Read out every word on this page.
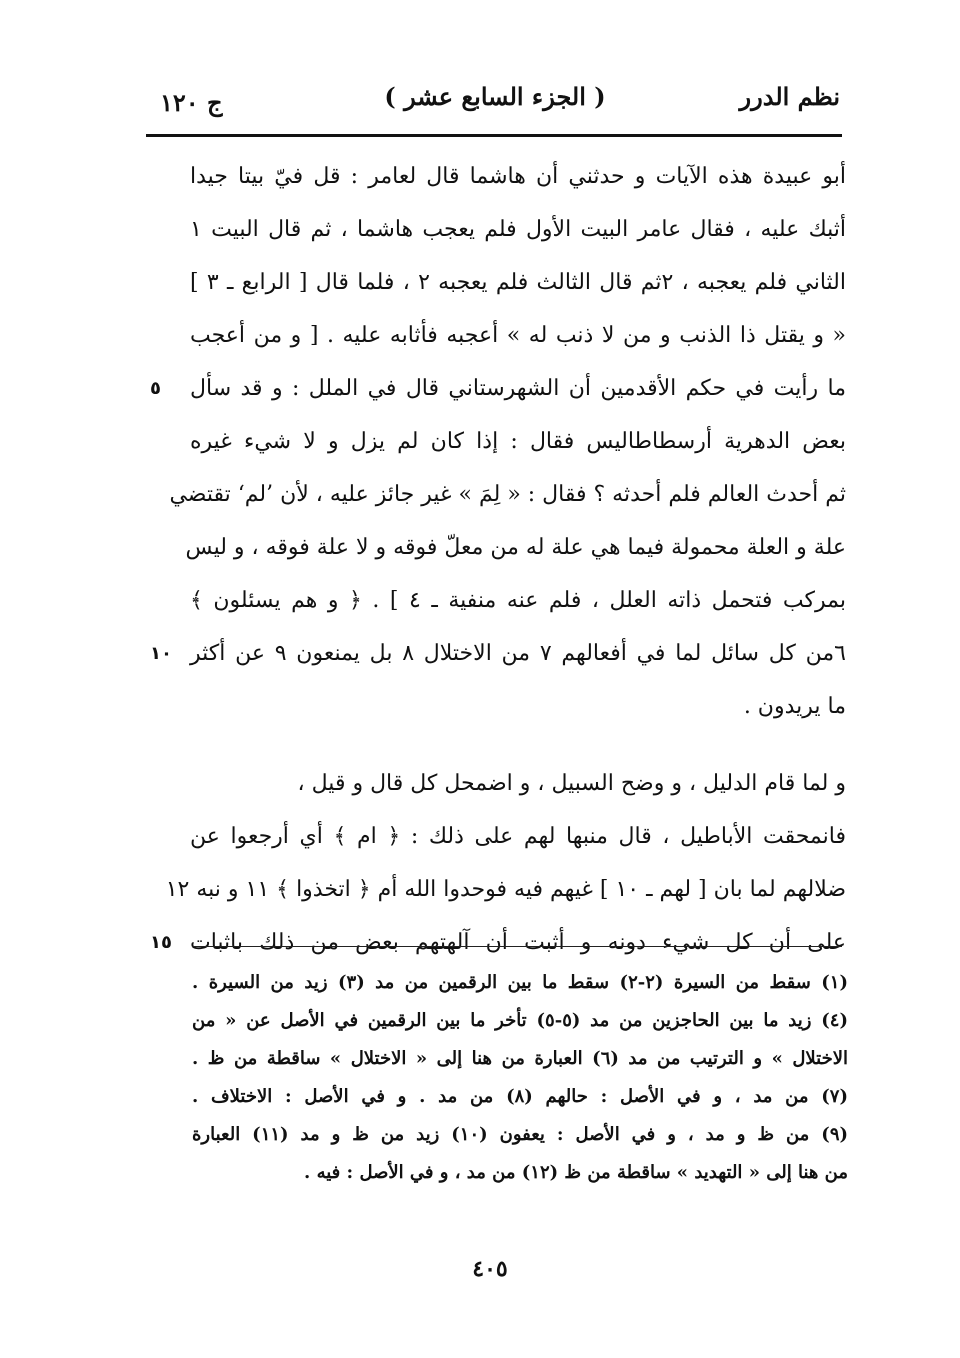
نظم الدرر
( الجزء السابع عشر )
ج ١٢٠
أبو عبيدة هذه الآيات و حدثني أن هاشما قال لعامر : قل فيّ بيتا جيدا
أثبك عليه ، فقال عامر البيت الأول فلم يعجب هاشما ، ثم قال البيت ١
الثاني فلم يعجبه ، ٢ثم قال الثالث فلم يعجبه ٢ ، فلما قال [ الرابع ـ ٣ ]
« و يقتل ذا الذنب و من لا ذنب له » أعجبه فأثابه عليه . [ و من أعجب
ما رأيت في حكم الأقدمين أن الشهرستاني قال في الملل : و قد سأل
٥
بعض الدهرية أرسطاطاليس فقال : إذا كان لم يزل و لا شيء غيره
ثم أحدث العالم فلم أحدثه ؟ فقال : « لِمَ » غير جائز عليه ، لأن ’لم‘ تقتضي
علة و العلة محمولة فيما هي علة له من معلّ فوقه و لا علة فوقه ، و ليس
بمركب فتحمل ذاته العلل ، فلم عنه منفية ـ ٤ ] . ﴿ و هم يسئلون ﴾
٦من كل سائل لما في أفعالهم ٧ من الاختلال ٨ بل يمنعون ٩ عن أكثر
١٠
ما يريدون .
و لما قام الدليل ، و وضح السبيل ، و اضمحل كل قال و قيل ،
فانمحقت الأباطيل ، قال منبها لهم على ذلك : ﴿ ام ﴾ أي أرجعوا عن
ضلالهم لما بان [ لهم ـ ١٠ ] غيهم فيه فوحدوا الله أم ﴿ اتخذوا ﴾ ١١ و نبه ١٢
على أن كل شيء دونه و أثبت أن آلهتهم بعض من ذلك باثبات
١٥
(١) سقط من السيرة (٢-٢) سقط ما بين الرقمين من مد (٣) زيد من السيرة .
(٤) زيد ما بين الحاجزين من مد (٥-٥) تأخر ما بين الرقمين في الأصل عن « من
الاختلال » و الترتيب من مد (٦) العبارة من هنا إلى « الاختلال » ساقطة من ظ .
(٧) من مد ، و في الأصل : حالهم (٨) من مد . و في الأصل : الاختلاف .
(٩) من ظ و مد ، و في الأصل : يعفون (١٠) زيد من ظ و مد (١١) العبارة
من هنا إلى « التهديد » ساقطة من ظ (١٢) من مد ، و في الأصل : فيه .
٤٠٥
